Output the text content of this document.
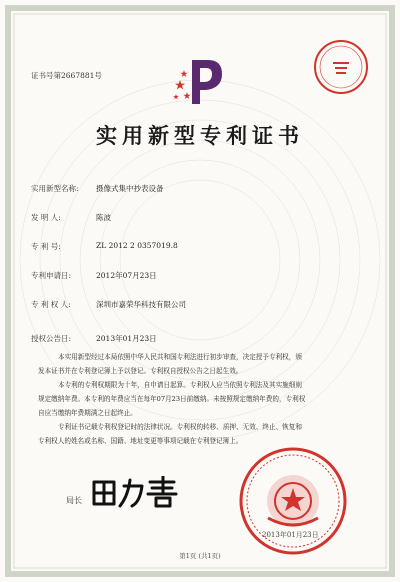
证书号第2667881号
实用新型专利证书
实用新型名称: 摄像式集中抄表设备
发 明 人:	陈波
专 利 号:	ZL 2012 2 0357019.8
专利申请日:	2012年07月23日
专 利 权 人:	深圳市嘉荣华科技有限公司
授权公告日:	2013年01月23日
本实用新型经过本局依照中华人民共和国专利法进行初步审查，决定授予专利权，颁
发本证书并在专利登记簿上予以登记。专利权自授权公告之日起生效。
本专利的专利权期限为十年，自申请日起算。专利权人应当依照专利法及其实施细则
规定缴纳年费。本专利的年费应当在每年07月23日前缴纳。未按照规定缴纳年费的，专利权
自应当缴纳年费期满之日起终止。
专利证书记载专利权登记时的法律状况。专利权的转移、质押、无效、终止、恢复和
专利权人的姓名或名称、国籍、地址变更等事项记载在专利登记簿上。
局长
2013年01月23日
第1页 (共1页)
